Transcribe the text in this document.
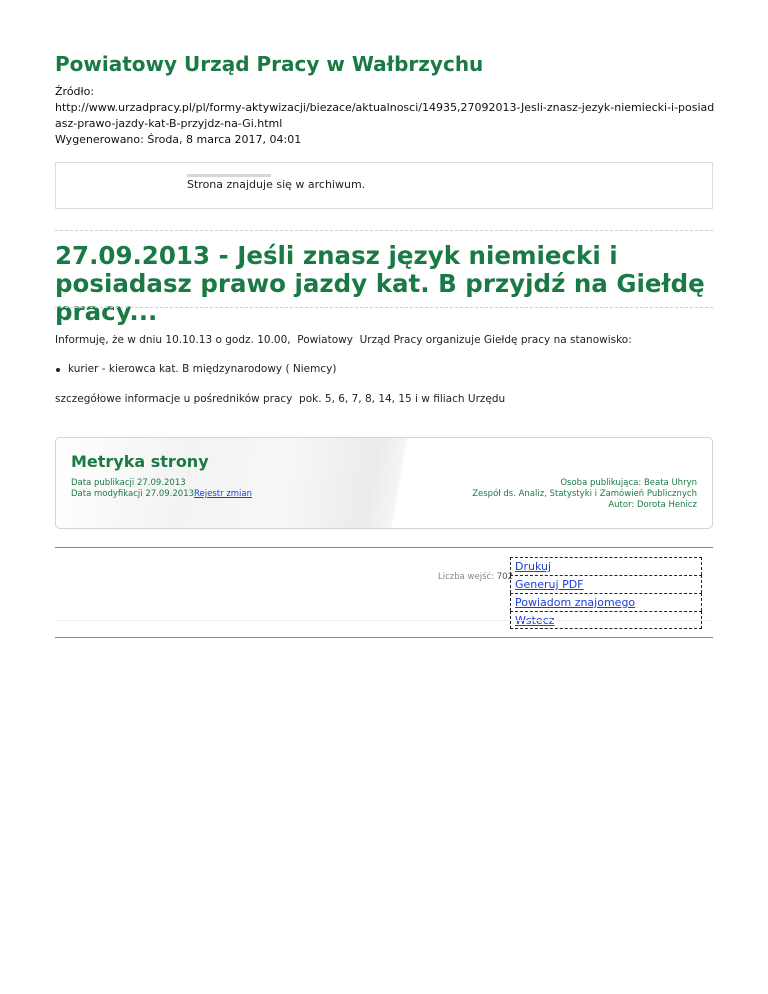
Powiatowy Urząd Pracy w Wałbrzychu
Źródło:
http://www.urzadpracy.pl/pl/formy-aktywizacji/biezace/aktualnosci/14935,27092013-Jesli-znasz-jezyk-niemiecki-i-posiadasz-prawo-jazdy-kat-B-przyjdz-na-Gi.html
Wygenerowano: Środa, 8 marca 2017, 04:01
Strona znajduje się w archiwum.
27.09.2013 - Jeśli znasz język niemiecki i posiadasz prawo jazdy kat. B przyjdź na Giełdę pracy...
Informuję, że w dniu 10.10.13 o godz. 10.00,  Powiatowy  Urząd Pracy organizuje Giełdę pracy na stanowisko:
kurier - kierowca kat. B międzynarodowy ( Niemcy)
szczegółowe informacje u pośredników pracy  pok. 5, 6, 7, 8, 14, 15 i w filiach Urzędu
Metryka strony
Data publikacji 27.09.2013
Data modyfikacji 27.09.2013Rejestr zmian
Osoba publikująca: Beata Uhryn
Zespół ds. Analiz, Statystyki i Zamówień Publicznych
Autor: Dorota Henicz
Liczba wejść: 702
Drukuj
Generuj PDF
Powiadom znajomego
Wstecz
